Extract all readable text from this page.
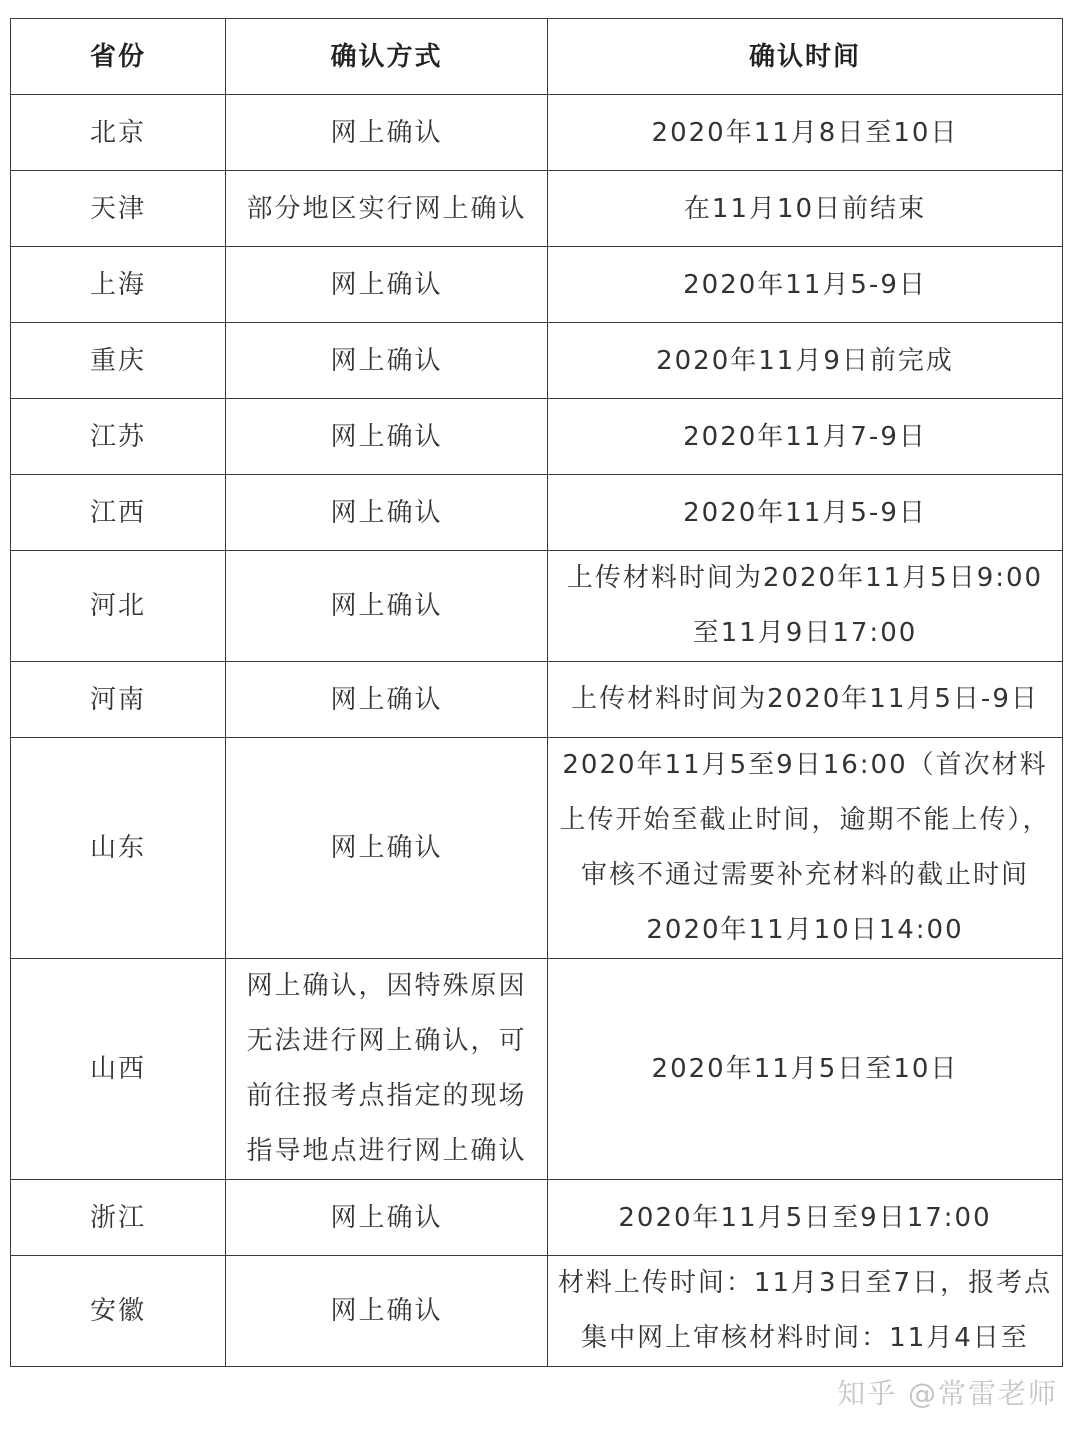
省份	确认方式	确认时间
北京	网上确认	2020年11月8日至10日
天津	部分地区实行网上确认	在11月10日前结束
上海	网上确认	2020年11月5-9日
重庆	网上确认	2020年11月9日前完成
江苏	网上确认	2020年11月7-9日
江西	网上确认	2020年11月5-9日
河北	网上确认	上传材料时间为2020年11月5日9:00至11月9日17:00
河南	网上确认	上传材料时间为2020年11月5日-9日
山东	网上确认	2020年11月5至9日16:00（首次材料上传开始至截止时间，逾期不能上传），审核不通过需要补充材料的截止时间2020年11月10日14:00
山西	网上确认，因特殊原因无法进行网上确认，可前往报考点指定的现场指导地点进行网上确认	2020年11月5日至10日
浙江	网上确认	2020年11月5日至9日17:00
安徽	网上确认	材料上传时间：11月3日至7日，报考点集中网上审核材料时间：11月4日至
知乎 @常雷老师
